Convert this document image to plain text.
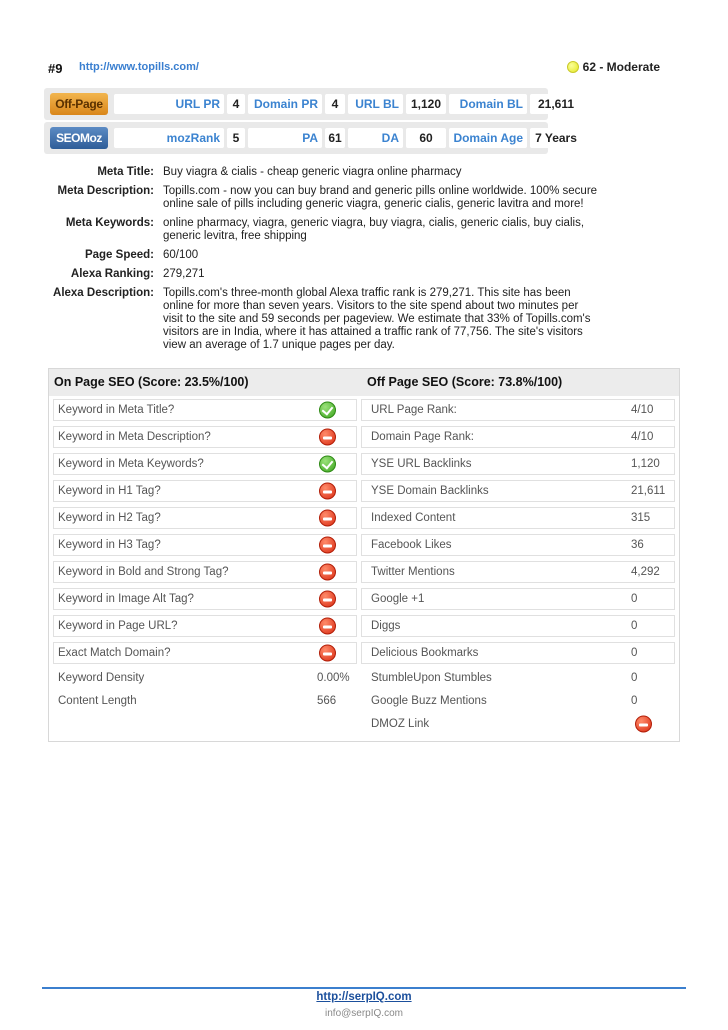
#9 http://www.topills.com/	62 - Moderate
Off-Page	URL PR	4	Domain PR	4	URL BL 1,120	Domain BL	21,611
SEOMoz	mozRank	5	PA 61	DA	60	Domain Age	7 Years
Meta Title: Buy viagra & cialis - cheap generic viagra online pharmacy
Meta Description: Topills.com - now you can buy brand and generic pills online worldwide. 100% secure
online sale of pills including generic viagra, generic cialis, generic lavitra and more!
Meta Keywords: online pharmacy, viagra, generic viagra, buy viagra, cialis, generic cialis, buy cialis,
generic levitra, free shipping
Page Speed: 60/100
Alexa Ranking: 279,271
Alexa Description: Topills.com's three-month global Alexa traffic rank is 279,271. This site has been
online for more than seven years. Visitors to the site spend about two minutes per
visit to the site and 59 seconds per pageview. We estimate that 33% of Topills.com's
visitors are in India, where it has attained a traffic rank of 77,756. The site's visitors
view an average of 1.7 unique pages per day.
On Page SEO (Score: 23.5%/100)	Off Page SEO (Score: 73.8%/100)
Keyword in Meta Title?	URL Page Rank:	4/10
Keyword in Meta Description?	Domain Page Rank:	4/10
Keyword in Meta Keywords?	YSE URL Backlinks	1,120
Keyword in H1 Tag?	YSE Domain Backlinks	21,611
Keyword in H2 Tag?	Indexed Content	315
Keyword in H3 Tag?	Facebook Likes	36
Keyword in Bold and Strong Tag?	Twitter Mentions	4,292
Keyword in Image Alt Tag?	Google +1	0
Keyword in Page URL?	Diggs	0
Exact Match Domain?	Delicious Bookmarks	0
Keyword Density	0.00% StumbleUpon Stumbles	0
Content Length	566	Google Buzz Mentions	0
DMOZ Link
http://serpIQ.com
info@serpIQ.com
